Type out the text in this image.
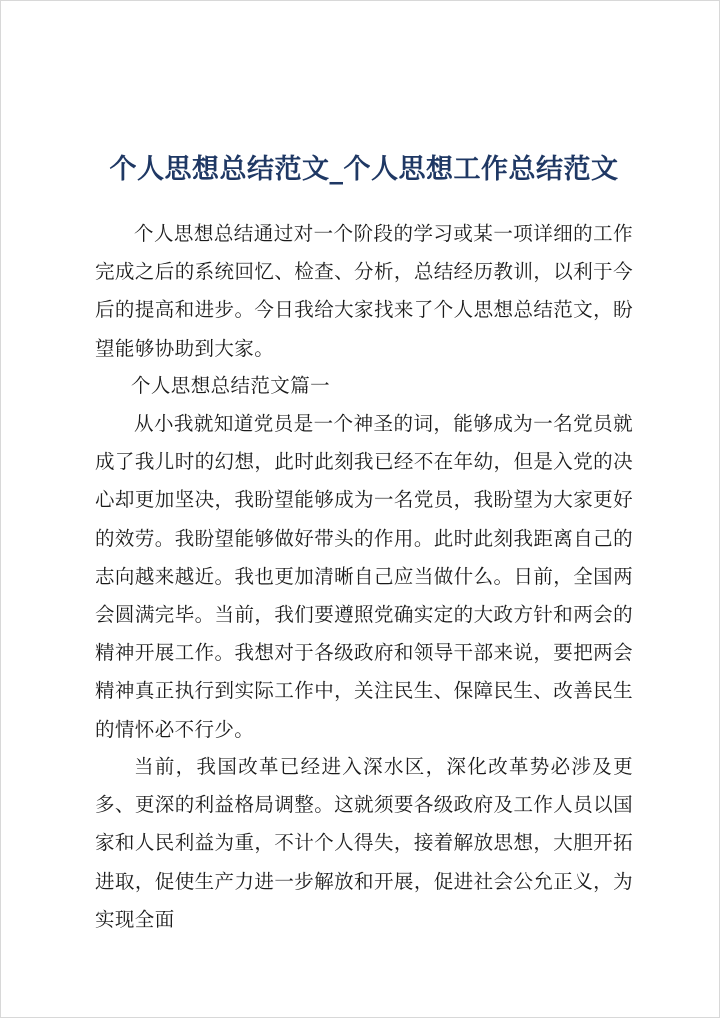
个人思想总结范文_个人思想工作总结范文

个人思想总结通过对一个阶段的学习或某一项详细的工作完成之后的系统回忆、检查、分析，总结经历教训，以利于今后的提高和进步。今日我给大家找来了个人思想总结范文，盼望能够协助到大家。

个人思想总结范文篇一

从小我就知道党员是一个神圣的词，能够成为一名党员就成了我儿时的幻想，此时此刻我已经不在年幼，但是入党的决心却更加坚决，我盼望能够成为一名党员，我盼望为大家更好的效劳。我盼望能够做好带头的作用。此时此刻我距离自己的志向越来越近。我也更加清晰自己应当做什么。日前，全国两会圆满完毕。当前，我们要遵照党确实定的大政方针和两会的精神开展工作。我想对于各级政府和领导干部来说，要把两会精神真正执行到实际工作中，关注民生、保障民生、改善民生的情怀必不行少。

当前，我国改革已经进入深水区，深化改革势必涉及更多、更深的利益格局调整。这就须要各级政府及工作人员以国家和人民利益为重，不计个人得失，接着解放思想，大胆开拓进取，促使生产力进一步解放和开展，促进社会公允正义，为实现全面
